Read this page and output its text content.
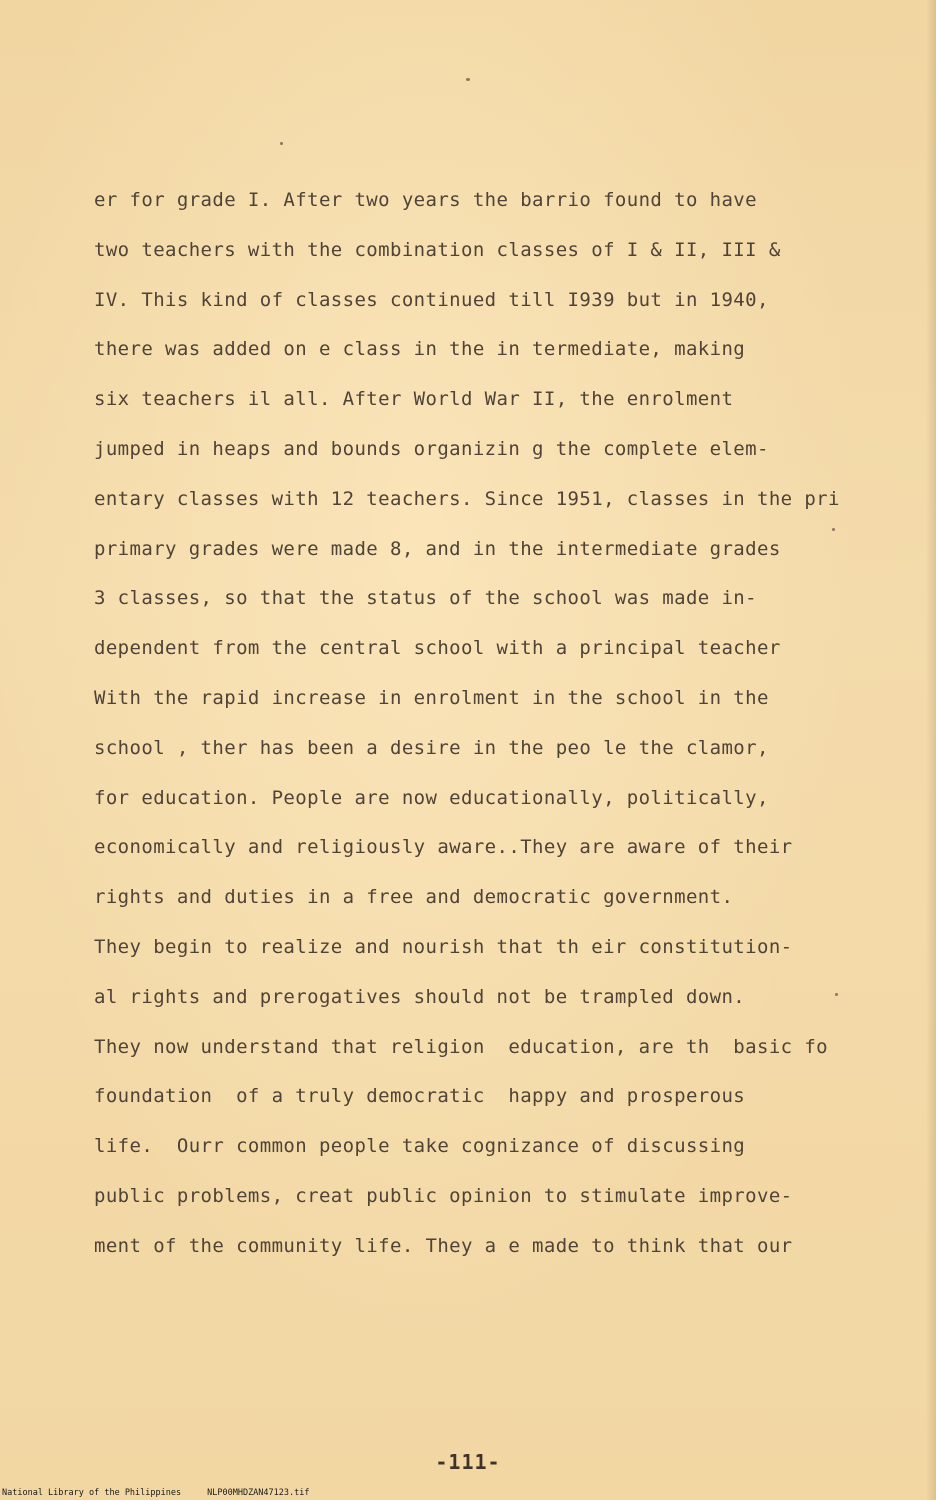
er for grade I. After two years the barrio found to have
two teachers with the combination classes of I & II, III &
IV. This kind of classes continued till I939 but in 1940,
there was added on e class in the in termediate, making
six teachers il all. After World War II, the enrolment
jumped in heaps and bounds organizin g the complete elem-
entary classes with 12 teachers. Since 1951, classes in the pri
primary grades were made 8, and in the intermediate grades
3 classes, so that the status of the school was made in-
dependent from the central school with a principal teacher
With the rapid increase in enrolment in the school in the
school , ther has been a desire in the peo le the clamor,
for education. People are now educationally, politically,
economically and religiously aware..They are aware of their
rights and duties in a free and democratic government.
They begin to realize and nourish that th eir constitution-
al rights and prerogatives should not be trampled down.
They now understand that religion  education, are th  basic fo
foundation  of a truly democratic  happy and prosperous
life.  Ourr common people take cognizance of discussing
public problems, creat public opinion to stimulate improve-
ment of the community life. They a e made to think that our
-111-
National Library of the Philippines	NLP00MHDZAN47123.tif
